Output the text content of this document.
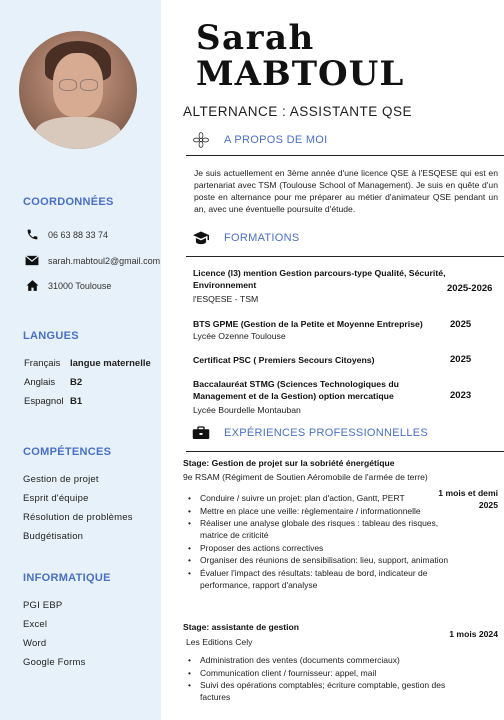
COORDONNÉES
06 63 88 33 74
sarah.mabtoul2@gmail.com
31000 Toulouse
LANGUES
Français	langue maternelle
Anglais	B2
Espagnol B1
COMPÉTENCES
Gestion de projet
Esprit d'équipe
Résolution de problèmes
Budgétisation
INFORMATIQUE
PGI EBP
Excel
Word
Google Forms
Sarah
MABTOUL
ALTERNANCE : ASSISTANTE QSE
A PROPOS DE MOI
Je suis actuellement en 3ème année d'une licence QSE à l'ESQESE qui est en partenariat avec TSM (Toulouse School of Management). Je suis en quête d'un poste en alternance pour me préparer au métier d'animateur QSE pendant un an, avec une éventuelle poursuite d'étude.
FORMATIONS
Licence (l3) mention Gestion parcours-type Qualité, Sécurité, Environnement
l'ESQESE - TSM
2025-2026
BTS GPME (Gestion de la Petite et Moyenne Entreprise)
Lycée Ozenne Toulouse
2025
Certificat PSC ( Premiers Secours Citoyens)	2025
Baccalauréat STMG (Sciences Technologiques du Management et de la Gestion) option mercatique
Lycée Bourdelle Montauban
2023
EXPÉRIENCES PROFESSIONNELLES
Stage: Gestion de projet sur la sobriété énergétique
9e RSAM (Régiment de Soutien Aéromobile de l'armée de terre)
1 mois et demi 2025
• Conduire / suivre un projet: plan d'action, Gantt, PERT
• Mettre en place une veille: règlementaire / informationnelle
• Réaliser une analyse globale des risques : tableau des risques, matrice de criticité
• Proposer des actions correctives
• Organiser des réunions de sensibilisation: lieu, support, animation
• Évaluer l'impact des résultats: tableau de bord, indicateur de performance, rapport d'analyse
Stage: assistante de gestion
Les Editions Cely
1 mois 2024
• Administration des ventes (documents commerciaux)
• Communication client / fournisseur: appel, mail
• Suivi des opérations comptables; écriture comptable, gestion des factures
